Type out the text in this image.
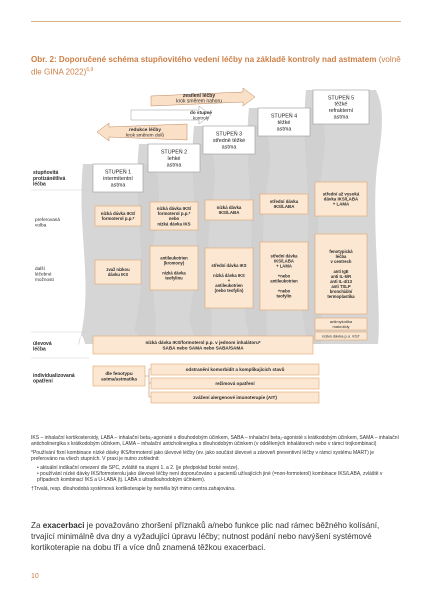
Obr. 2: Doporučené schéma stupňovitého vedení léčby na základě kontroly nad astmatem (volně dle GINA 2022)$^{6,9}$
zesílení léčby
krok směrem nahoru
do stupně
kontroly
redukce léčby
krok směrem dolů
stupňovitá
protizánětlivá
léčba
preferovaná
volba
další
léčebné
možnosti
úlevová
léčba
individualizovaná
opatření
STUPEŇ 1
intermitentní
astma
STUPEŇ 2
lehké
astma
STUPEŇ 3
středně těžké
astma
STUPEŇ 4
těžké
astma
STUPEŇ 5
těžké
refrakterní
astma
nízká dávka IKS/
formoterol p.p.*
nízká dávka IKS/
formoterol p.p.*
nebo
nízká dávka IKS
nízká dávka
IKS/LABA
střední dávka
IKS/LABA
střední až vysoká
dávka IKS/LABA
+ LAMA
zvaž nízkou
dávku IKS
antileukotrien
(kromony)
nízká dávka
teofylinu
střední dávka IKS
nízká dávka IKS
+
antileukotrien
(nebo teofylin)
střední dávka
IKS/LABA
+ LAMA
+nebo
antileukotrien
+nebo
teofylin
fenotypická
léčba
v centrech
anti IgE
anti IL-5/R
anti IL-4/13
anti TSLP
bronchiální
termoplastika
antimykotika
makrolidy
nízká dávka p.o. KS†
nízká dávka IKS/formoterol p.p. v jednom inhalátoru*
SABA nebo SAMA nebo SABA/SAMA
dle fenotypu
astma/astmatika
odstranění komorbidit a komplikujících stavů
režimová opatření
zvážení alergenové imunoterapie (AIT)

IKS – inhalační kortikosteroidy, LABA – inhalační beta₂-agonisté s dlouhodobým účinkem, SABA – inhalační beta₂-agonisté s krátkodobým účinkem, SAMA – inhalační anticholinergika s krátkodobým účinkem, LAMA – inhalační anticholinergika s dlouhodobým účinkem (v oddělených inhalátorech nebo v rámci trojkombinaci)

*Používání fixní kombinace nízké dávky IKS/formoterol jako úlevové léčby (ev. jako součást úlevové a zároveň preventivní léčby v rámci systému MART) je preferováno na všech stupních. V praxi je nutno zohlednit:

• aktuální indikační omezení dle SPC, zvláště na stupni 1. a 2. (je předpoklad brzké revize),
• používání nízké dávky IKS/formoterolu jako úlevové léčby není doporučováno u pacientů užívajících jiné (=non-formoterol) kombinace IKS/LABA, zvláště v případech kombinací IKS a U-LABA (tj. LABA s ultradlouhodobým účinkem).

†Trvalá, resp. dlouhodobá systémová kortikoterapie by neměla být mimo centra zahajována.

Za exacerbaci je považováno zhoršení příznaků a/nebo funkce plic nad rámec běžného kolísání, trvající minimálně dva dny a vyžadující úpravu léčby; nutnost podání nebo navýšení systémové kortikoterapie na dobu tří a více dnů znamená těžkou exacerbaci.
10
